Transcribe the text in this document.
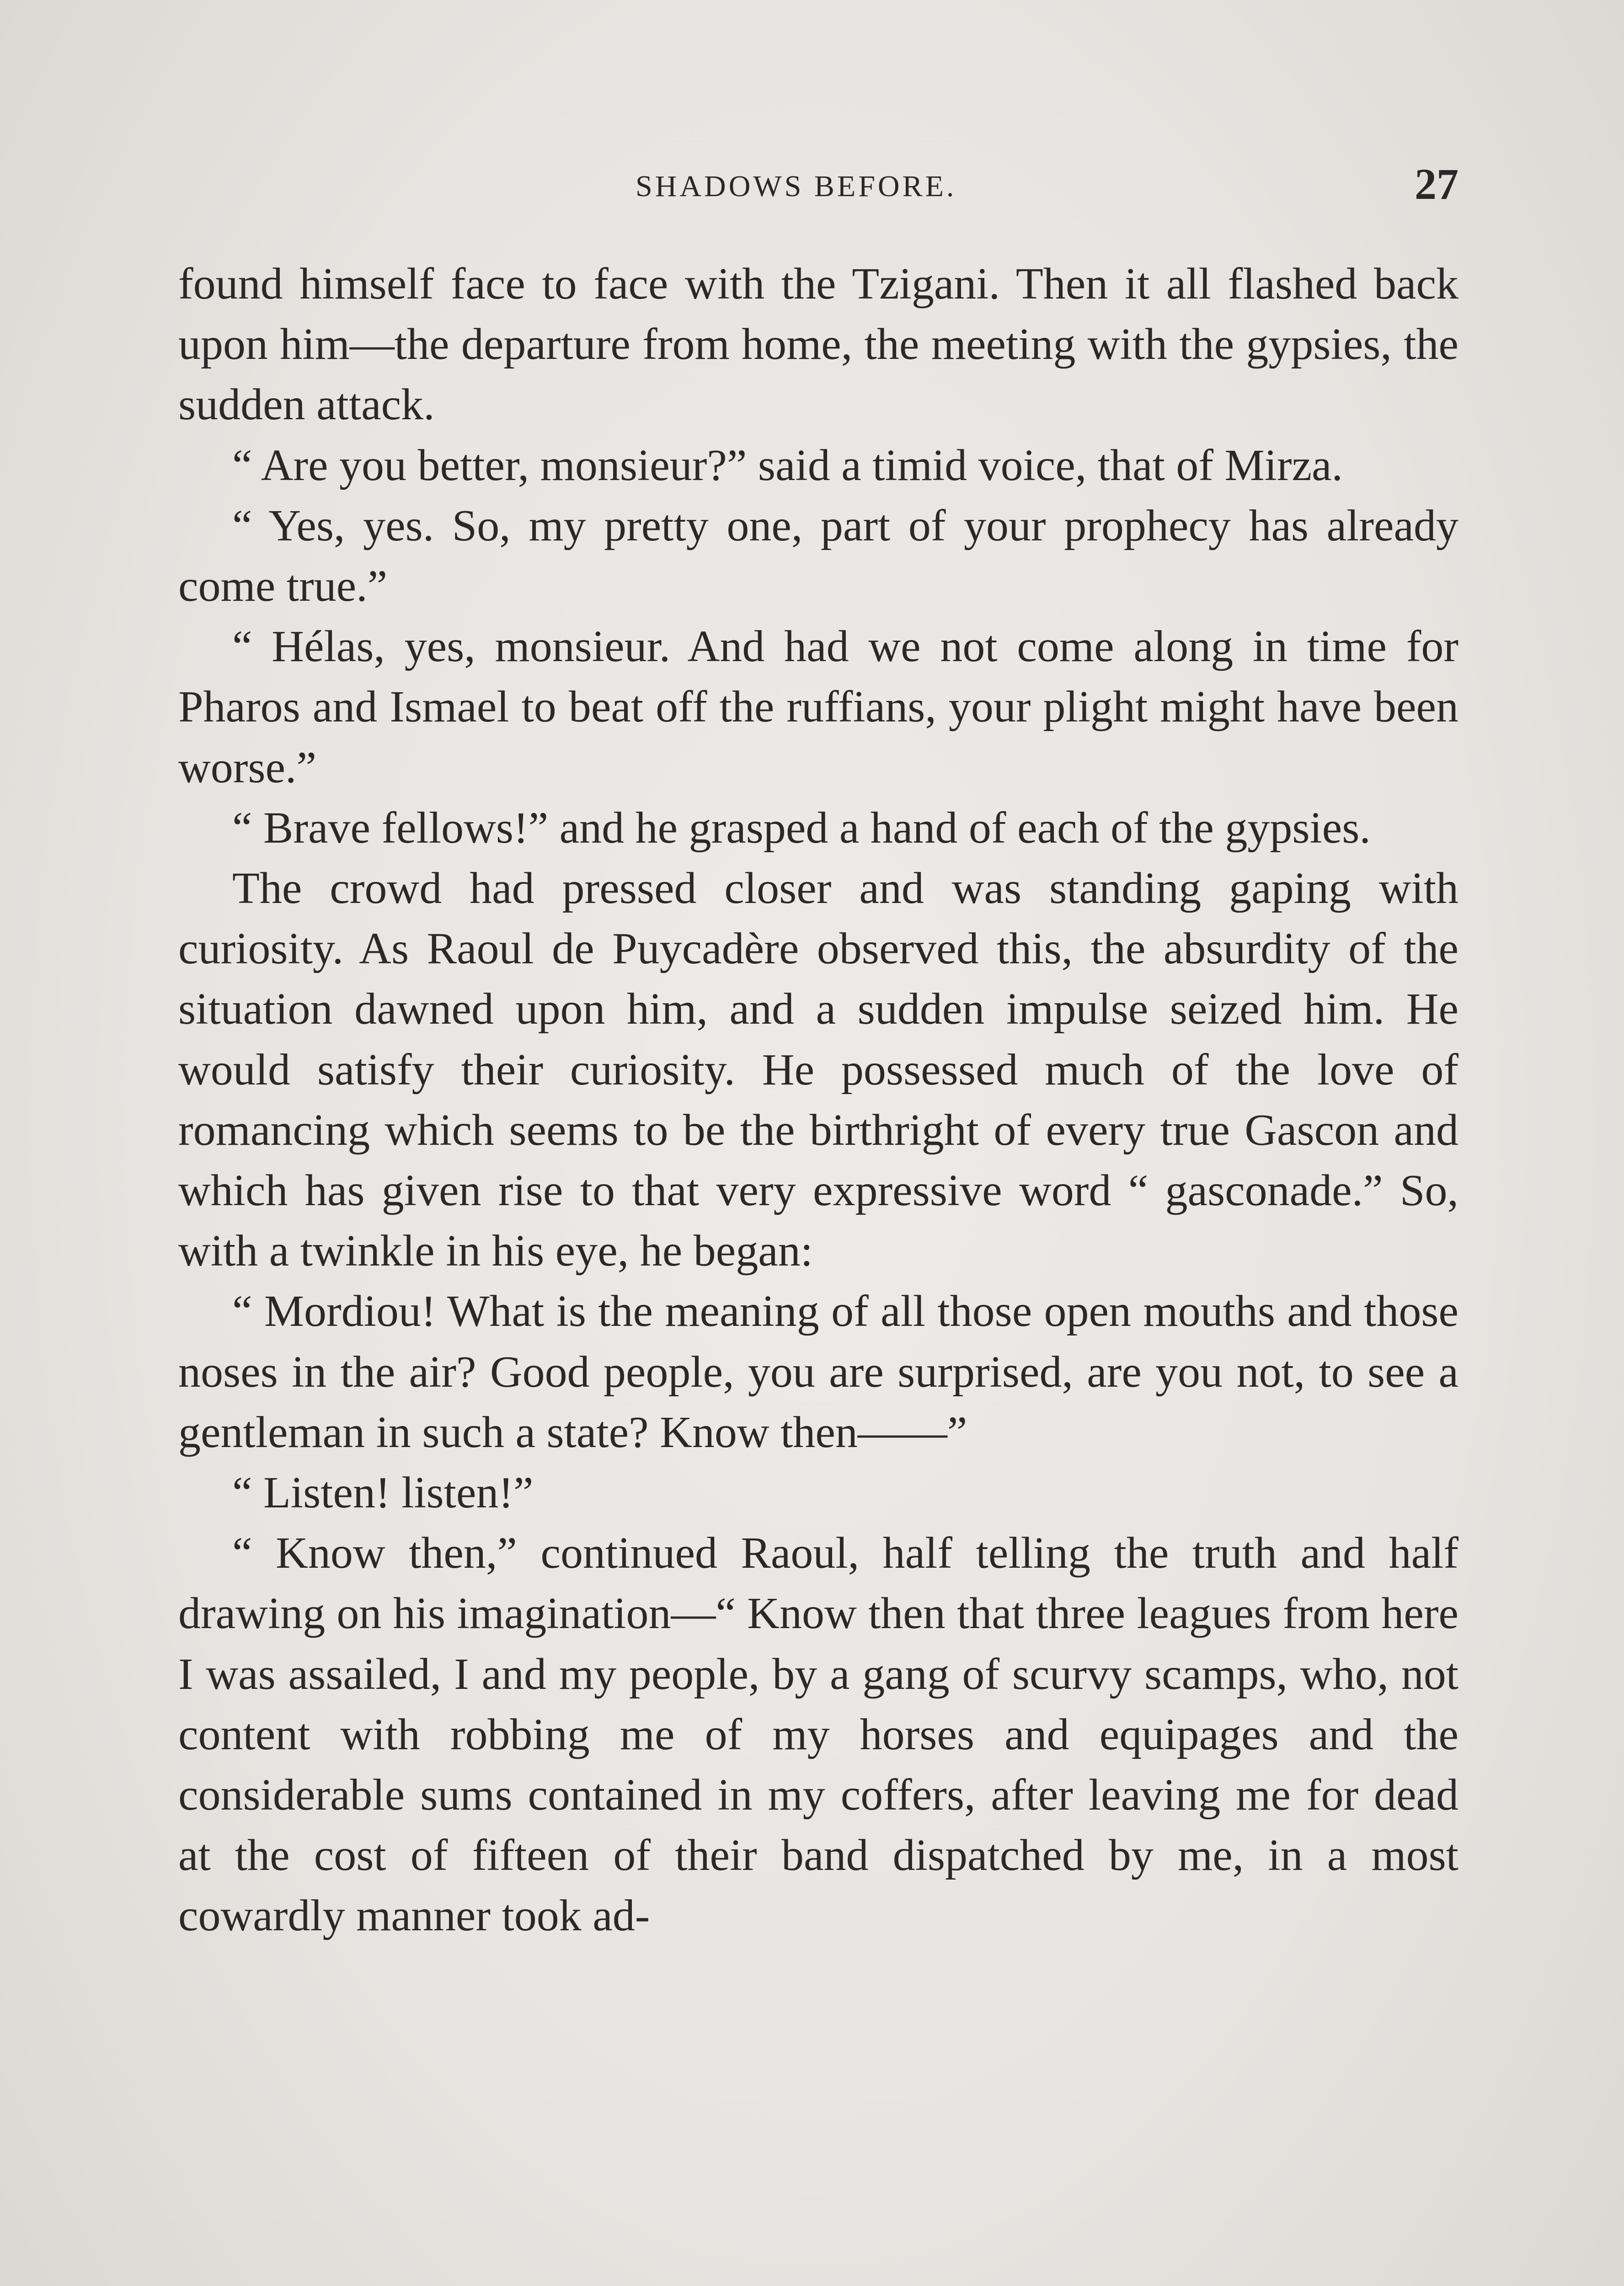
SHADOWS BEFORE.	27

found himself face to face with the Tzigani. Then it all flashed back upon him—the departure from home, the meeting with the gypsies, the sudden attack.

“ Are you better, monsieur?” said a timid voice, that of Mirza.

“ Yes, yes. So, my pretty one, part of your prophecy has already come true.”

“ Hélas, yes, monsieur. And had we not come along in time for Pharos and Ismael to beat off the ruffians, your plight might have been worse.”

“ Brave fellows!” and he grasped a hand of each of the gypsies.

The crowd had pressed closer and was standing gaping with curiosity. As Raoul de Puycadère observed this, the absurdity of the situation dawned upon him, and a sudden impulse seized him. He would satisfy their curiosity. He possessed much of the love of romancing which seems to be the birthright of every true Gascon and which has given rise to that very expressive word “ gasconade.” So, with a twinkle in his eye, he began:

“ Mordiou! What is the meaning of all those open mouths and those noses in the air? Good people, you are surprised, are you not, to see a gentleman in such a state? Know then——”

“ Listen! listen!”

“ Know then,” continued Raoul, half telling the truth and half drawing on his imagination—“ Know then that three leagues from here I was assailed, I and my people, by a gang of scurvy scamps, who, not content with robbing me of my horses and equipages and the considerable sums contained in my coffers, after leaving me for dead at the cost of fifteen of their band dispatched by me, in a most cowardly manner took ad-
